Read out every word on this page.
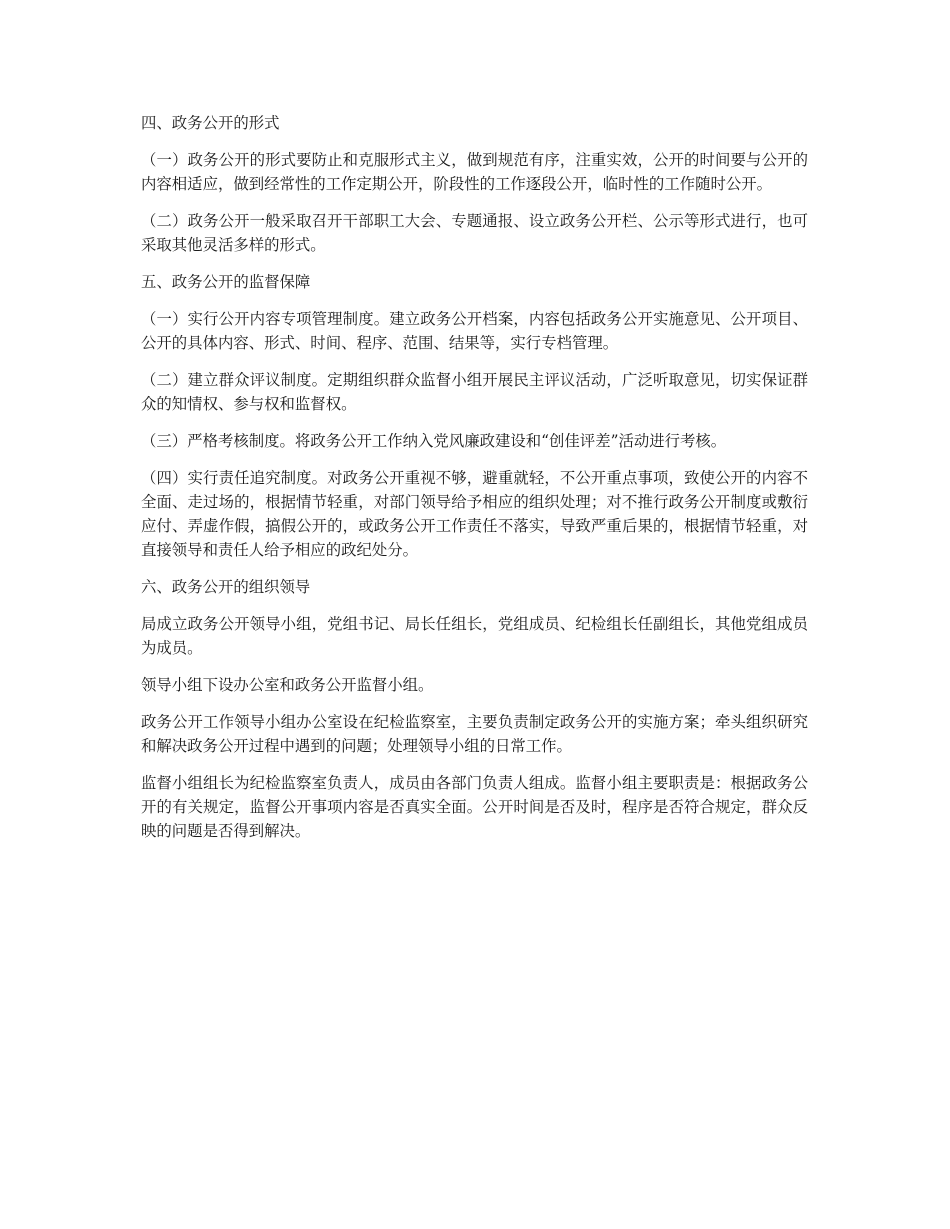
四、政务公开的形式

（一）政务公开的形式要防止和克服形式主义，做到规范有序，注重实效，公开的时间要与公开的内容相适应，做到经常性的工作定期公开，阶段性的工作逐段公开，临时性的工作随时公开。

（二）政务公开一般采取召开干部职工大会、专题通报、设立政务公开栏、公示等形式进行，也可采取其他灵活多样的形式。

五、政务公开的监督保障

（一）实行公开内容专项管理制度。建立政务公开档案，内容包括政务公开实施意见、公开项目、公开的具体内容、形式、时间、程序、范围、结果等，实行专档管理。

（二）建立群众评议制度。定期组织群众监督小组开展民主评议活动，广泛听取意见，切实保证群众的知情权、参与权和监督权。

（三）严格考核制度。将政务公开工作纳入党风廉政建设和“创佳评差”活动进行考核。

（四）实行责任追究制度。对政务公开重视不够，避重就轻，不公开重点事项，致使公开的内容不全面、走过场的，根据情节轻重，对部门领导给予相应的组织处理；对不推行政务公开制度或敷衍应付、弄虚作假，搞假公开的，或政务公开工作责任不落实，导致严重后果的，根据情节轻重，对直接领导和责任人给予相应的政纪处分。

六、政务公开的组织领导

局成立政务公开领导小组，党组书记、局长任组长，党组成员、纪检组长任副组长，其他党组成员为成员。

领导小组下设办公室和政务公开监督小组。

政务公开工作领导小组办公室设在纪检监察室，主要负责制定政务公开的实施方案；牵头组织研究和解决政务公开过程中遇到的问题；处理领导小组的日常工作。

监督小组组长为纪检监察室负责人，成员由各部门负责人组成。监督小组主要职责是：根据政务公开的有关规定，监督公开事项内容是否真实全面。公开时间是否及时，程序是否符合规定，群众反映的问题是否得到解决。
